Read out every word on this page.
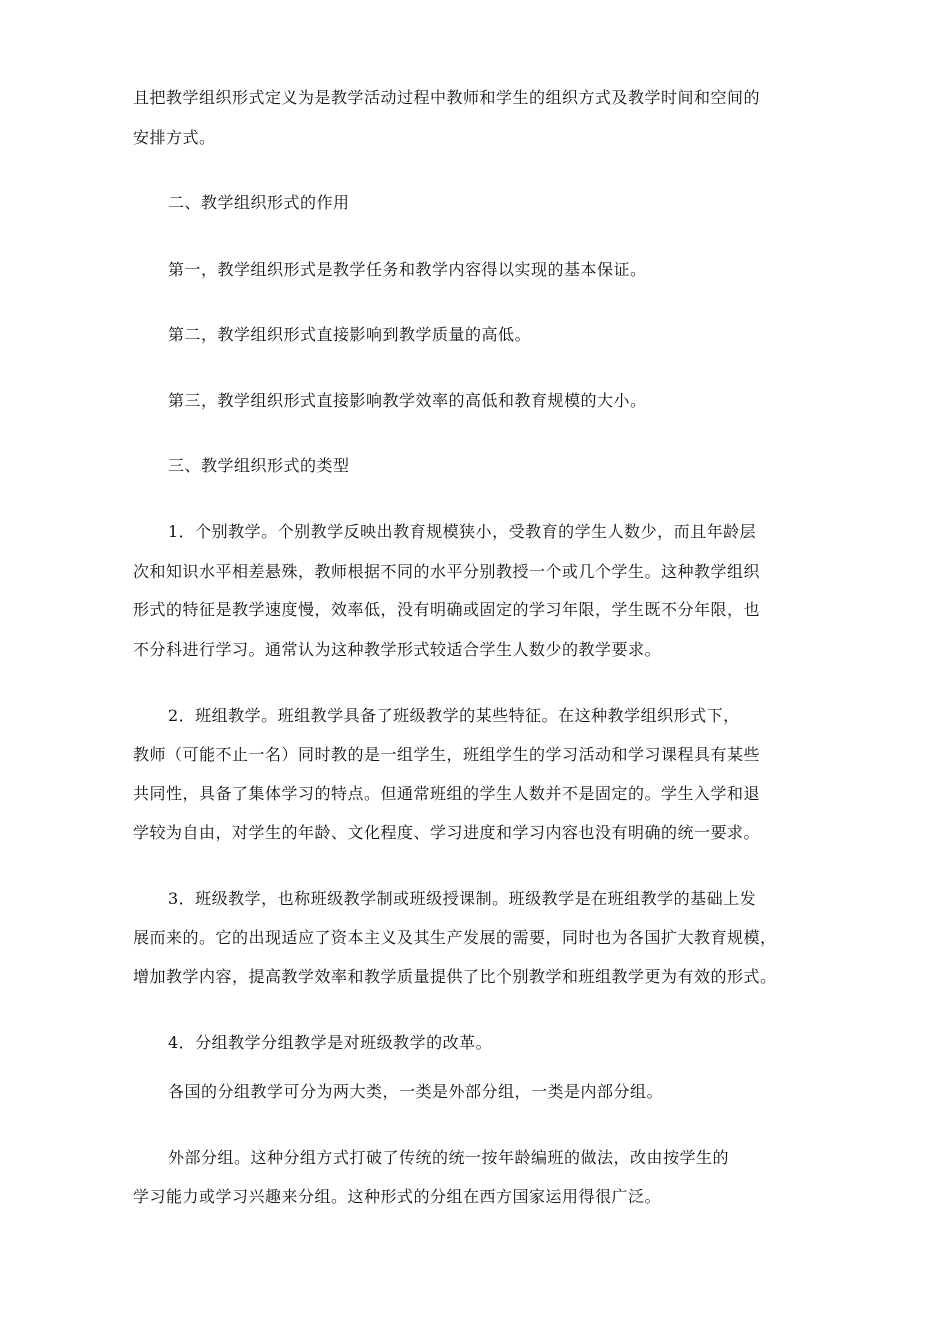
且把教学组织形式定义为是教学活动过程中教师和学生的组织方式及教学时间和空间的
安排方式。
二、教学组织形式的作用
第一，教学组织形式是教学任务和教学内容得以实现的基本保证。
第二，教学组织形式直接影响到教学质量的高低。
第三，教学组织形式直接影响教学效率的高低和教育规模的大小。
三、教学组织形式的类型
1．个别教学。个别教学反映出教育规模狭小，受教育的学生人数少，而且年龄层
次和知识水平相差悬殊，教师根据不同的水平分别教授一个或几个学生。这种教学组织
形式的特征是教学速度慢，效率低，没有明确或固定的学习年限，学生既不分年限，也
不分科进行学习。通常认为这种教学形式较适合学生人数少的教学要求。
2．班组教学。班组教学具备了班级教学的某些特征。在这种教学组织形式下，
教师（可能不止一名）同时教的是一组学生，班组学生的学习活动和学习课程具有某些
共同性，具备了集体学习的特点。但通常班组的学生人数并不是固定的。学生入学和退
学较为自由，对学生的年龄、文化程度、学习进度和学习内容也没有明确的统一要求。
3．班级教学，也称班级教学制或班级授课制。班级教学是在班组教学的基础上发
展而来的。它的出现适应了资本主义及其生产发展的需要，同时也为各国扩大教育规模，
增加教学内容，提高教学效率和教学质量提供了比个别教学和班组教学更为有效的形式。
4．分组教学分组教学是对班级教学的改革。
各国的分组教学可分为两大类，一类是外部分组，一类是内部分组。
外部分组。这种分组方式打破了传统的统一按年龄编班的做法，改由按学生的
学习能力或学习兴趣来分组。这种形式的分组在西方国家运用得很广泛。
